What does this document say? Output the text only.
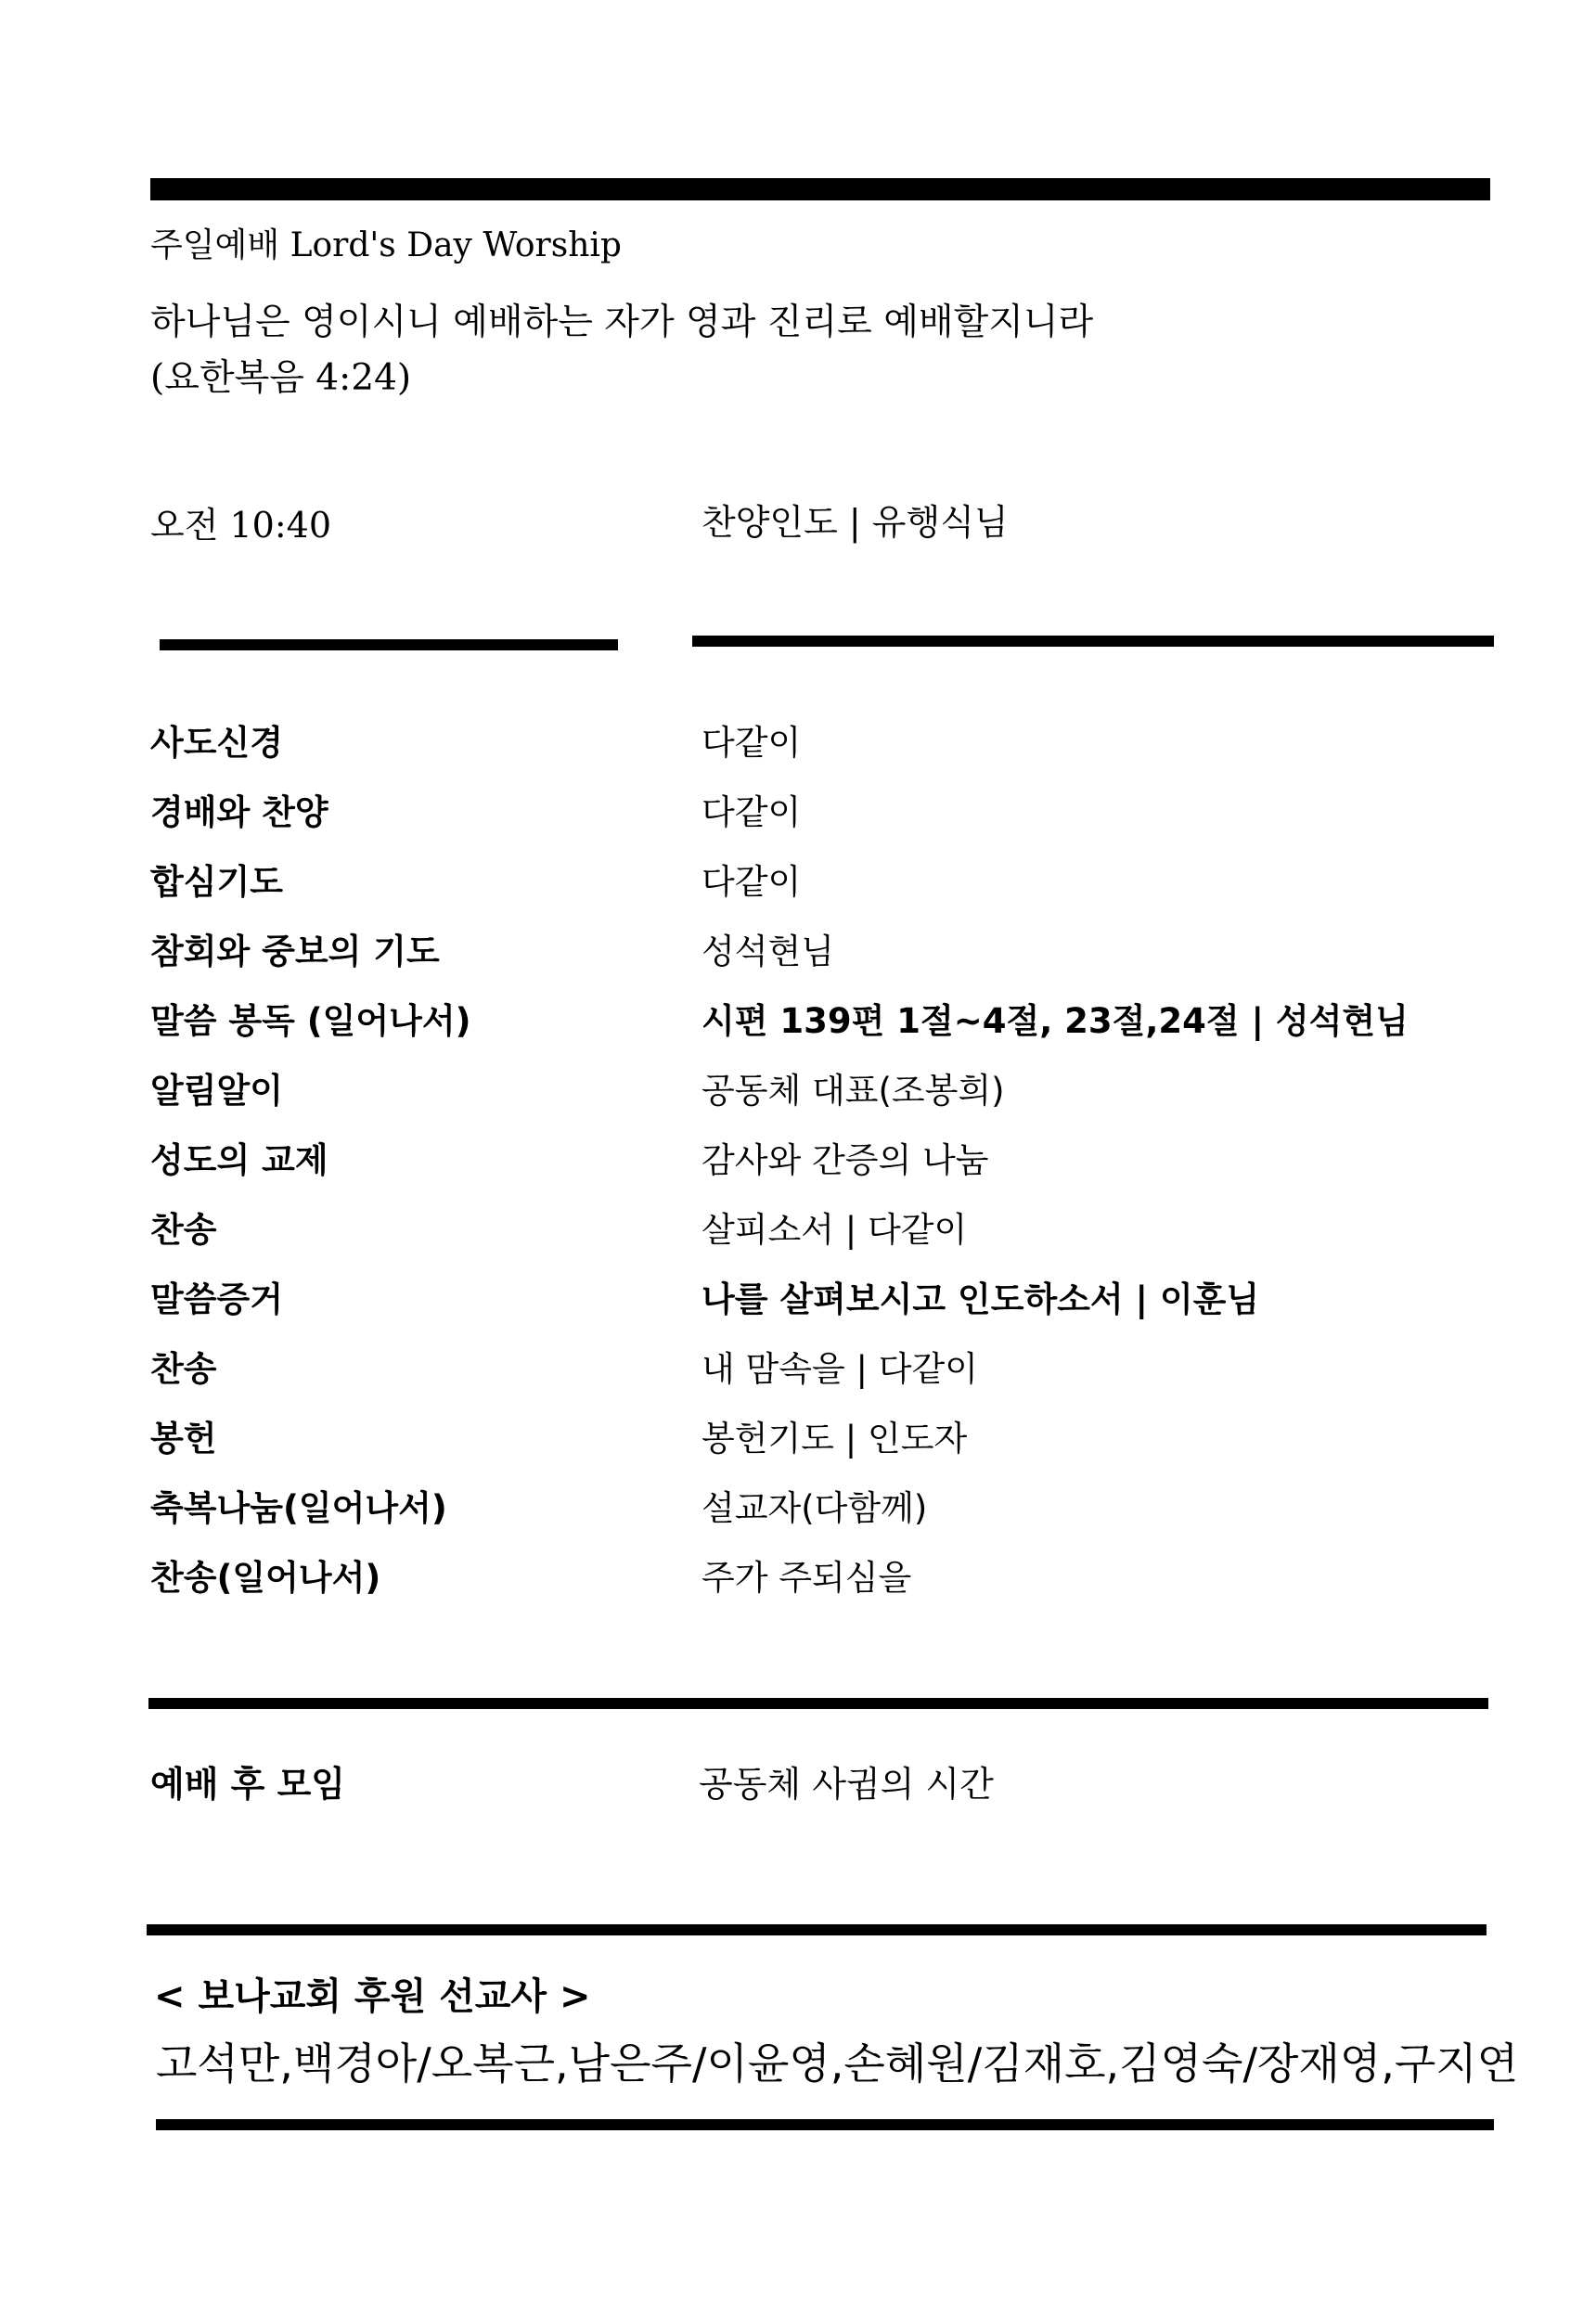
주일예배 Lord's Day Worship
하나님은 영이시니 예배하는 자가 영과 진리로 예배할지니라
(요한복음 4:24)
오전 10:40	찬양인도 | 유행식님
사도신경	다같이
경배와 찬양	다같이
합심기도	다같이
참회와 중보의 기도	성석현님
말씀 봉독 (일어나서)	시편 139편 1절~4절, 23절,24절 | 성석현님
알림알이	공동체 대표(조봉희)
성도의 교제	감사와 간증의 나눔
찬송	살피소서 | 다같이
말씀증거	나를 살펴보시고 인도하소서 | 이훈님
찬송	내 맘속을 | 다같이
봉헌	봉헌기도 | 인도자
축복나눔(일어나서)	설교자(다함께)
찬송(일어나서)	주가 주되심을
예배 후 모임	공동체 사귐의 시간
< 보나교회 후원 선교사 >
고석만,백경아/오복근,남은주/이윤영,손혜원/김재호,김영숙/장재영,구지연
